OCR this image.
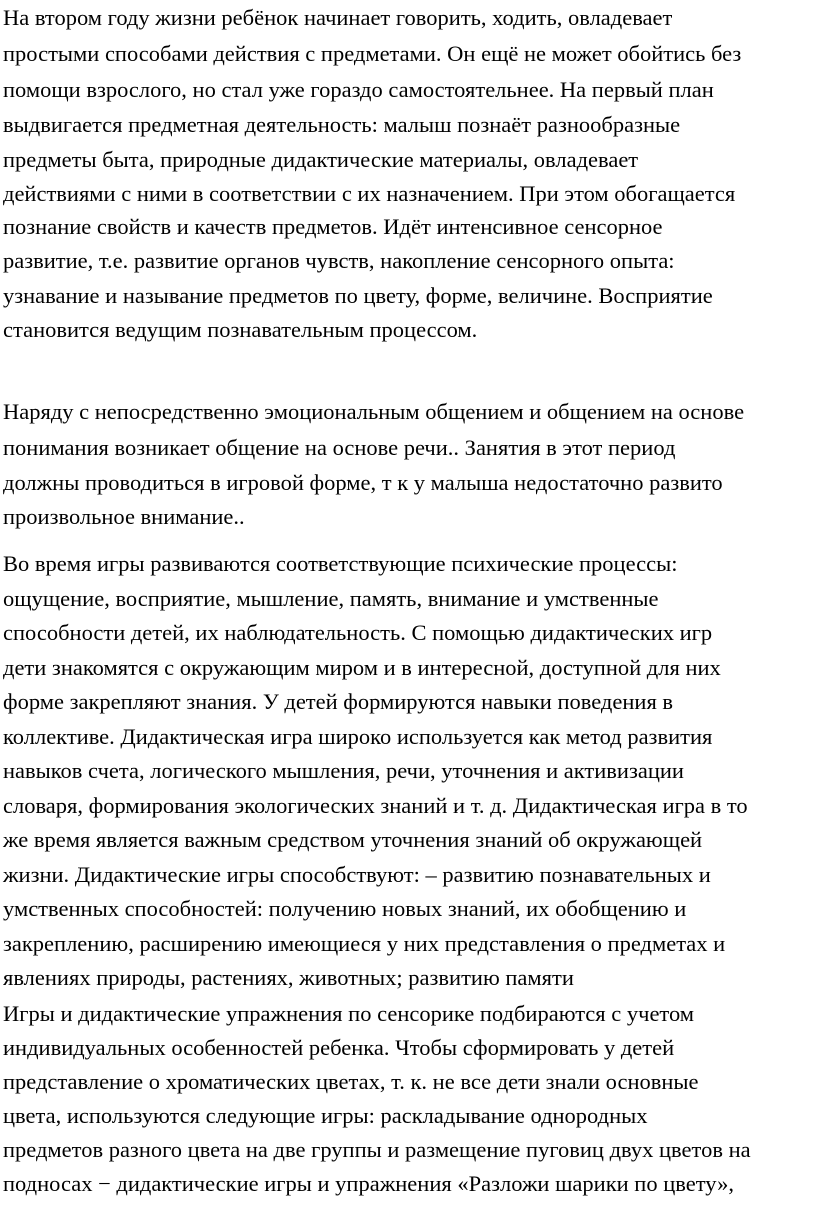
На втором году жизни ребёнок начинает говорить, ходить, овладевает

простыми способами действия с предметами. Он ещё не может обойтись без

помощи взрослого, но стал уже гораздо самостоятельнее. На первый план

выдвигается предметная деятельность: малыш познаёт разнообразные

предметы быта, природные дидактические материалы, овладевает

действиями с ними в соответствии с их назначением. При этом обогащается

познание свойств и качеств предметов. Идёт интенсивное сенсорное

развитие, т.е. развитие органов чувств, накопление сенсорного опыта:

узнавание и называние предметов по цвету, форме, величине. Восприятие

становится ведущим познавательным процессом.

Наряду с непосредственно эмоциональным общением и общением на основе

понимания возникает общение на основе речи.. Занятия в этот период

должны проводиться в игровой форме, т к у малыша недостаточно развито

произвольное внимание..

Во время игры развиваются соответствующие психические процессы:

ощущение, восприятие, мышление, память, внимание и умственные

способности детей, их наблюдательность. С помощью дидактических игр

дети знакомятся с окружающим миром и в интересной, доступной для них

форме закрепляют знания. У детей формируются навыки поведения в

коллективе. Дидактическая игра широко используется как метод развития

навыков счета, логического мышления, речи, уточнения и активизации

словаря, формирования экологических знаний и т. д. Дидактическая игра в то

же время является важным средством уточнения знаний об окружающей

жизни. Дидактические игры способствуют: – развитию познавательных и

умственных способностей: получению новых знаний, их обобщению и

закреплению, расширению имеющиеся у них представления о предметах и

явлениях природы, растениях, животных; развитию памяти

Игры и дидактические упражнения по сенсорике подбираются с учетом

индивидуальных особенностей ребенка. Чтобы сформировать у детей

представление о хроматических цветах, т. к. не все дети знали основные

цвета, используются следующие игры: раскладывание однородных

предметов разного цвета на две группы и размещение пуговиц двух цветов на

подносах − дидактические игры и упражнения «Разложи шарики по цвету»,
